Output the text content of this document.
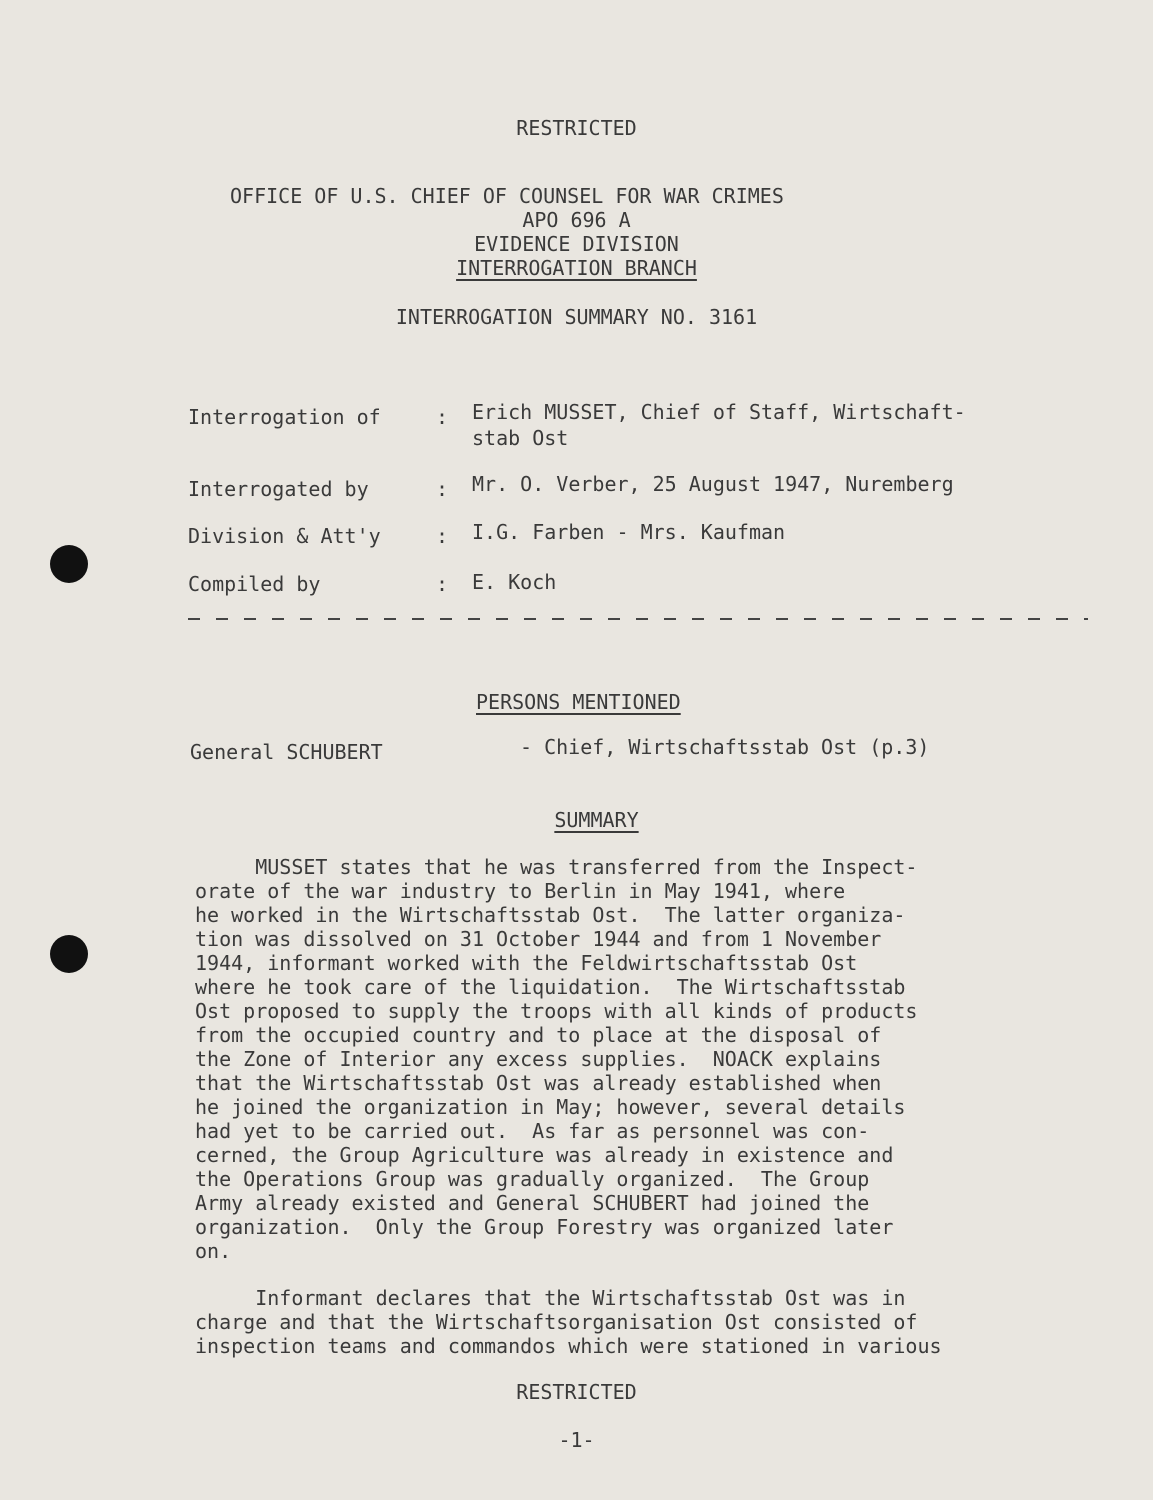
RESTRICTED
OFFICE OF U.S. CHIEF OF COUNSEL FOR WAR CRIMES
APO 696 A
EVIDENCE DIVISION
INTERROGATION BRANCH
INTERROGATION SUMMARY NO. 3161
Interrogation of	: Erich MUSSET, Chief of Staff, Wirtschaft-
stab Ost
Interrogated by	: Mr. O. Verber, 25 August 1947, Nuremberg
Division & Att'y	: I.G. Farben - Mrs. Kaufman
Compiled by	: E. Koch
PERSONS MENTIONED
General SCHUBERT	- Chief, Wirtschaftsstab Ost (p.3)
SUMMARY

MUSSET states that he was transferred from the Inspect-

orate of the war industry to Berlin in May 1941, where

he worked in the Wirtschaftsstab Ost.  The latter organiza-

tion was dissolved on 31 October 1944 and from 1 November

1944, informant worked with the Feldwirtschaftsstab Ost

where he took care of the liquidation.  The Wirtschaftsstab

Ost proposed to supply the troops with all kinds of products

from the occupied country and to place at the disposal of

the Zone of Interior any excess supplies.  NOACK explains

that the Wirtschaftsstab Ost was already established when

he joined the organization in May; however, several details

had yet to be carried out.  As far as personnel was con-

cerned, the Group Agriculture was already in existence and

the Operations Group was gradually organized.  The Group

Army already existed and General SCHUBERT had joined the

organization.  Only the Group Forestry was organized later

on.

Informant declares that the Wirtschaftsstab Ost was in

charge and that the Wirtschaftsorganisation Ost consisted of

inspection teams and commandos which were stationed in various

RESTRICTED
-1-
